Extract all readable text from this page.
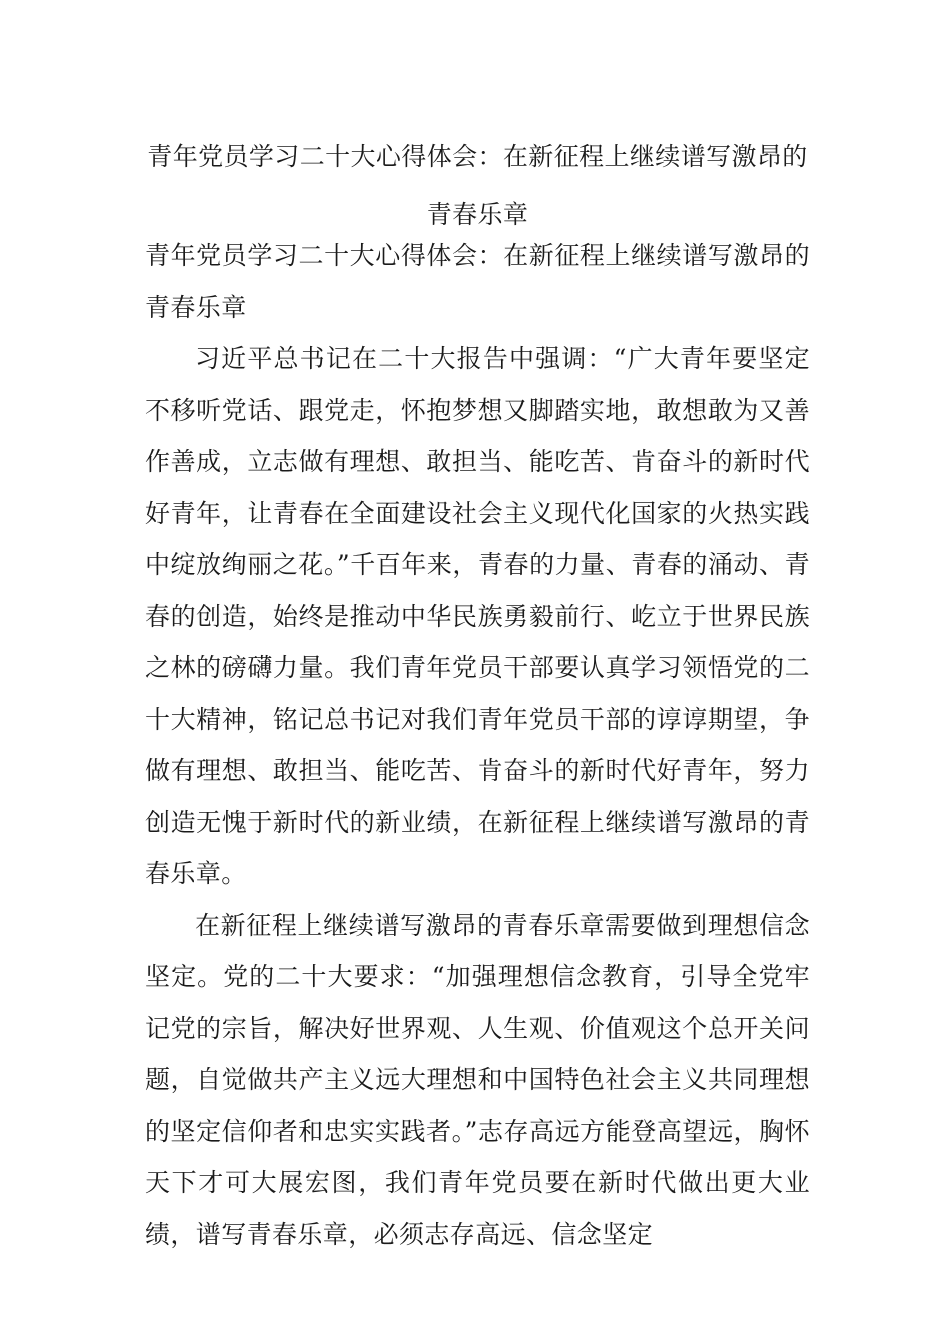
青年党员学习二十大心得体会：在新征程上继续谱写激昂的青春乐章

青年党员学习二十大心得体会：在新征程上继续谱写激昂的青春乐章

习近平总书记在二十大报告中强调：“广大青年要坚定不移听党话、跟党走，怀抱梦想又脚踏实地，敢想敢为又善作善成，立志做有理想、敢担当、能吃苦、肯奋斗的新时代好青年，让青春在全面建设社会主义现代化国家的火热实践中绽放绚丽之花。”千百年来，青春的力量、青春的涌动、青春的创造，始终是推动中华民族勇毅前行、屹立于世界民族之林的磅礴力量。我们青年党员干部要认真学习领悟党的二十大精神，铭记总书记对我们青年党员干部的谆谆期望，争做有理想、敢担当、能吃苦、肯奋斗的新时代好青年，努力创造无愧于新时代的新业绩，在新征程上继续谱写激昂的青春乐章。

在新征程上继续谱写激昂的青春乐章需要做到理想信念坚定。党的二十大要求：“加强理想信念教育，引导全党牢记党的宗旨，解决好世界观、人生观、价值观这个总开关问题，自觉做共产主义远大理想和中国特色社会主义共同理想的坚定信仰者和忠实实践者。”志存高远方能登高望远，胸怀天下才可大展宏图，我们青年党员要在新时代做出更大业绩，谱写青春乐章，必须志存高远、信念坚定
